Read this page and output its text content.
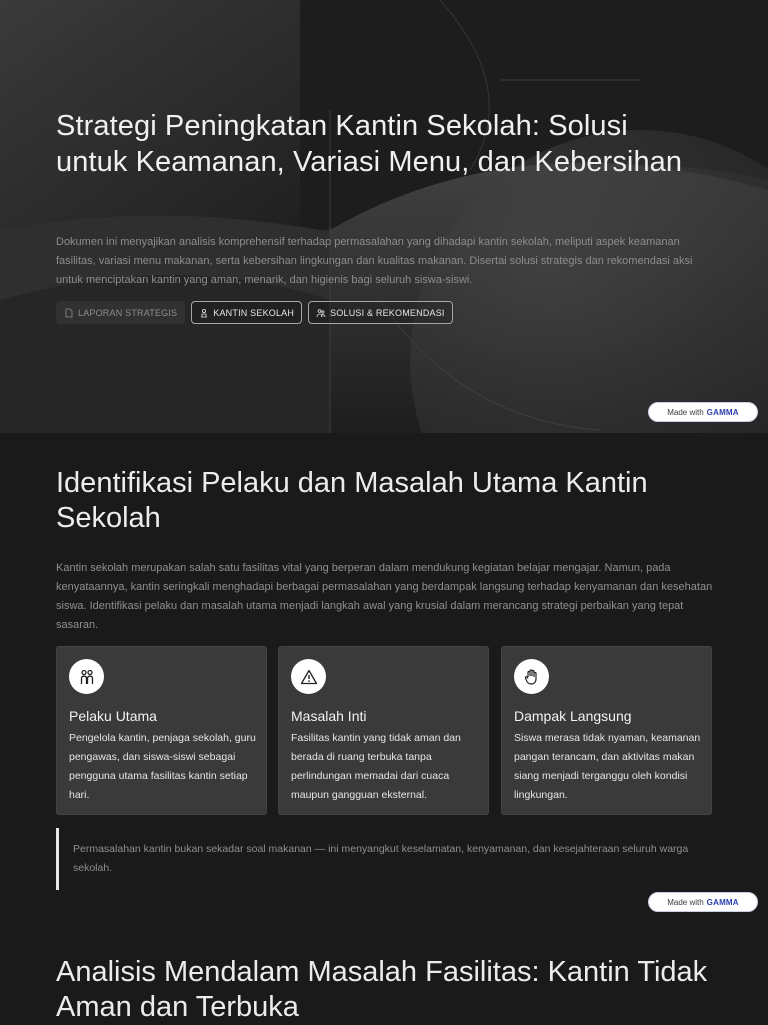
Strategi Peningkatan Kantin Sekolah: Solusi untuk Keamanan, Variasi Menu, dan Kebersihan

Dokumen ini menyajikan analisis komprehensif terhadap permasalahan yang dihadapi kantin sekolah, meliputi aspek keamanan fasilitas, variasi menu makanan, serta kebersihan lingkungan dan kualitas makanan. Disertai solusi strategis dan rekomendasi aksi untuk menciptakan kantin yang aman, menarik, dan higienis bagi seluruh siswa-siswi.

LAPORAN STRATEGIS	KANTIN SEKOLAH	SOLUSI & REKOMENDASI
Made with GAMMA
Identifikasi Pelaku dan Masalah Utama Kantin Sekolah

Kantin sekolah merupakan salah satu fasilitas vital yang berperan dalam mendukung kegiatan belajar mengajar. Namun, pada kenyataannya, kantin seringkali menghadapi berbagai permasalahan yang berdampak langsung terhadap kenyamanan dan kesehatan siswa. Identifikasi pelaku dan masalah utama menjadi langkah awal yang krusial dalam merancang strategi perbaikan yang tepat sasaran.

Pelaku Utama

Pengelola kantin, penjaga sekolah, guru pengawas, dan siswa-siswi sebagai pengguna utama fasilitas kantin setiap hari.

Masalah Inti

Fasilitas kantin yang tidak aman dan berada di ruang terbuka tanpa perlindungan memadai dari cuaca maupun gangguan eksternal.

Dampak Langsung

Siswa merasa tidak nyaman, keamanan pangan terancam, dan aktivitas makan siang menjadi terganggu oleh kondisi lingkungan.

Permasalahan kantin bukan sekadar soal makanan — ini menyangkut keselamatan, kenyamanan, dan kesejahteraan seluruh warga sekolah.

Made with GAMMA
Analisis Mendalam Masalah Fasilitas: Kantin Tidak Aman dan Terbuka
